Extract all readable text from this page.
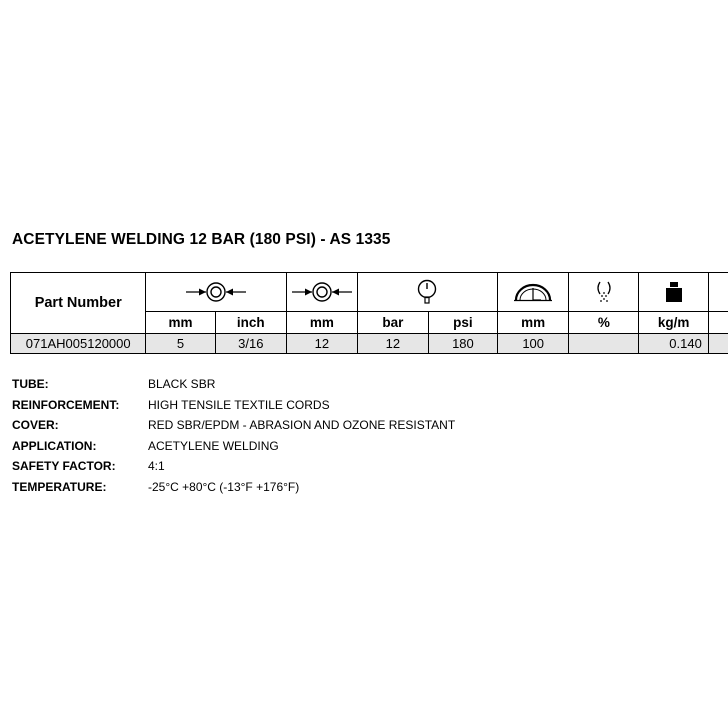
ACETYLENE WELDING 12 BAR (180 PSI) - AS 1335
Part Number	

	mm	inch	mm	bar	psi	mm	%	kg/m	
071AH005120000	5	3/16	12	12	180	100		0.140	
TUBE:	BLACK SBR
REINFORCEMENT: HIGH TENSILE TEXTILE CORDS
COVER:	RED SBR/EPDM - ABRASION AND OZONE RESISTANT
APPLICATION:	ACETYLENE WELDING
SAFETY FACTOR:	4:1
TEMPERATURE:	-25°C +80°C (-13°F +176°F)
